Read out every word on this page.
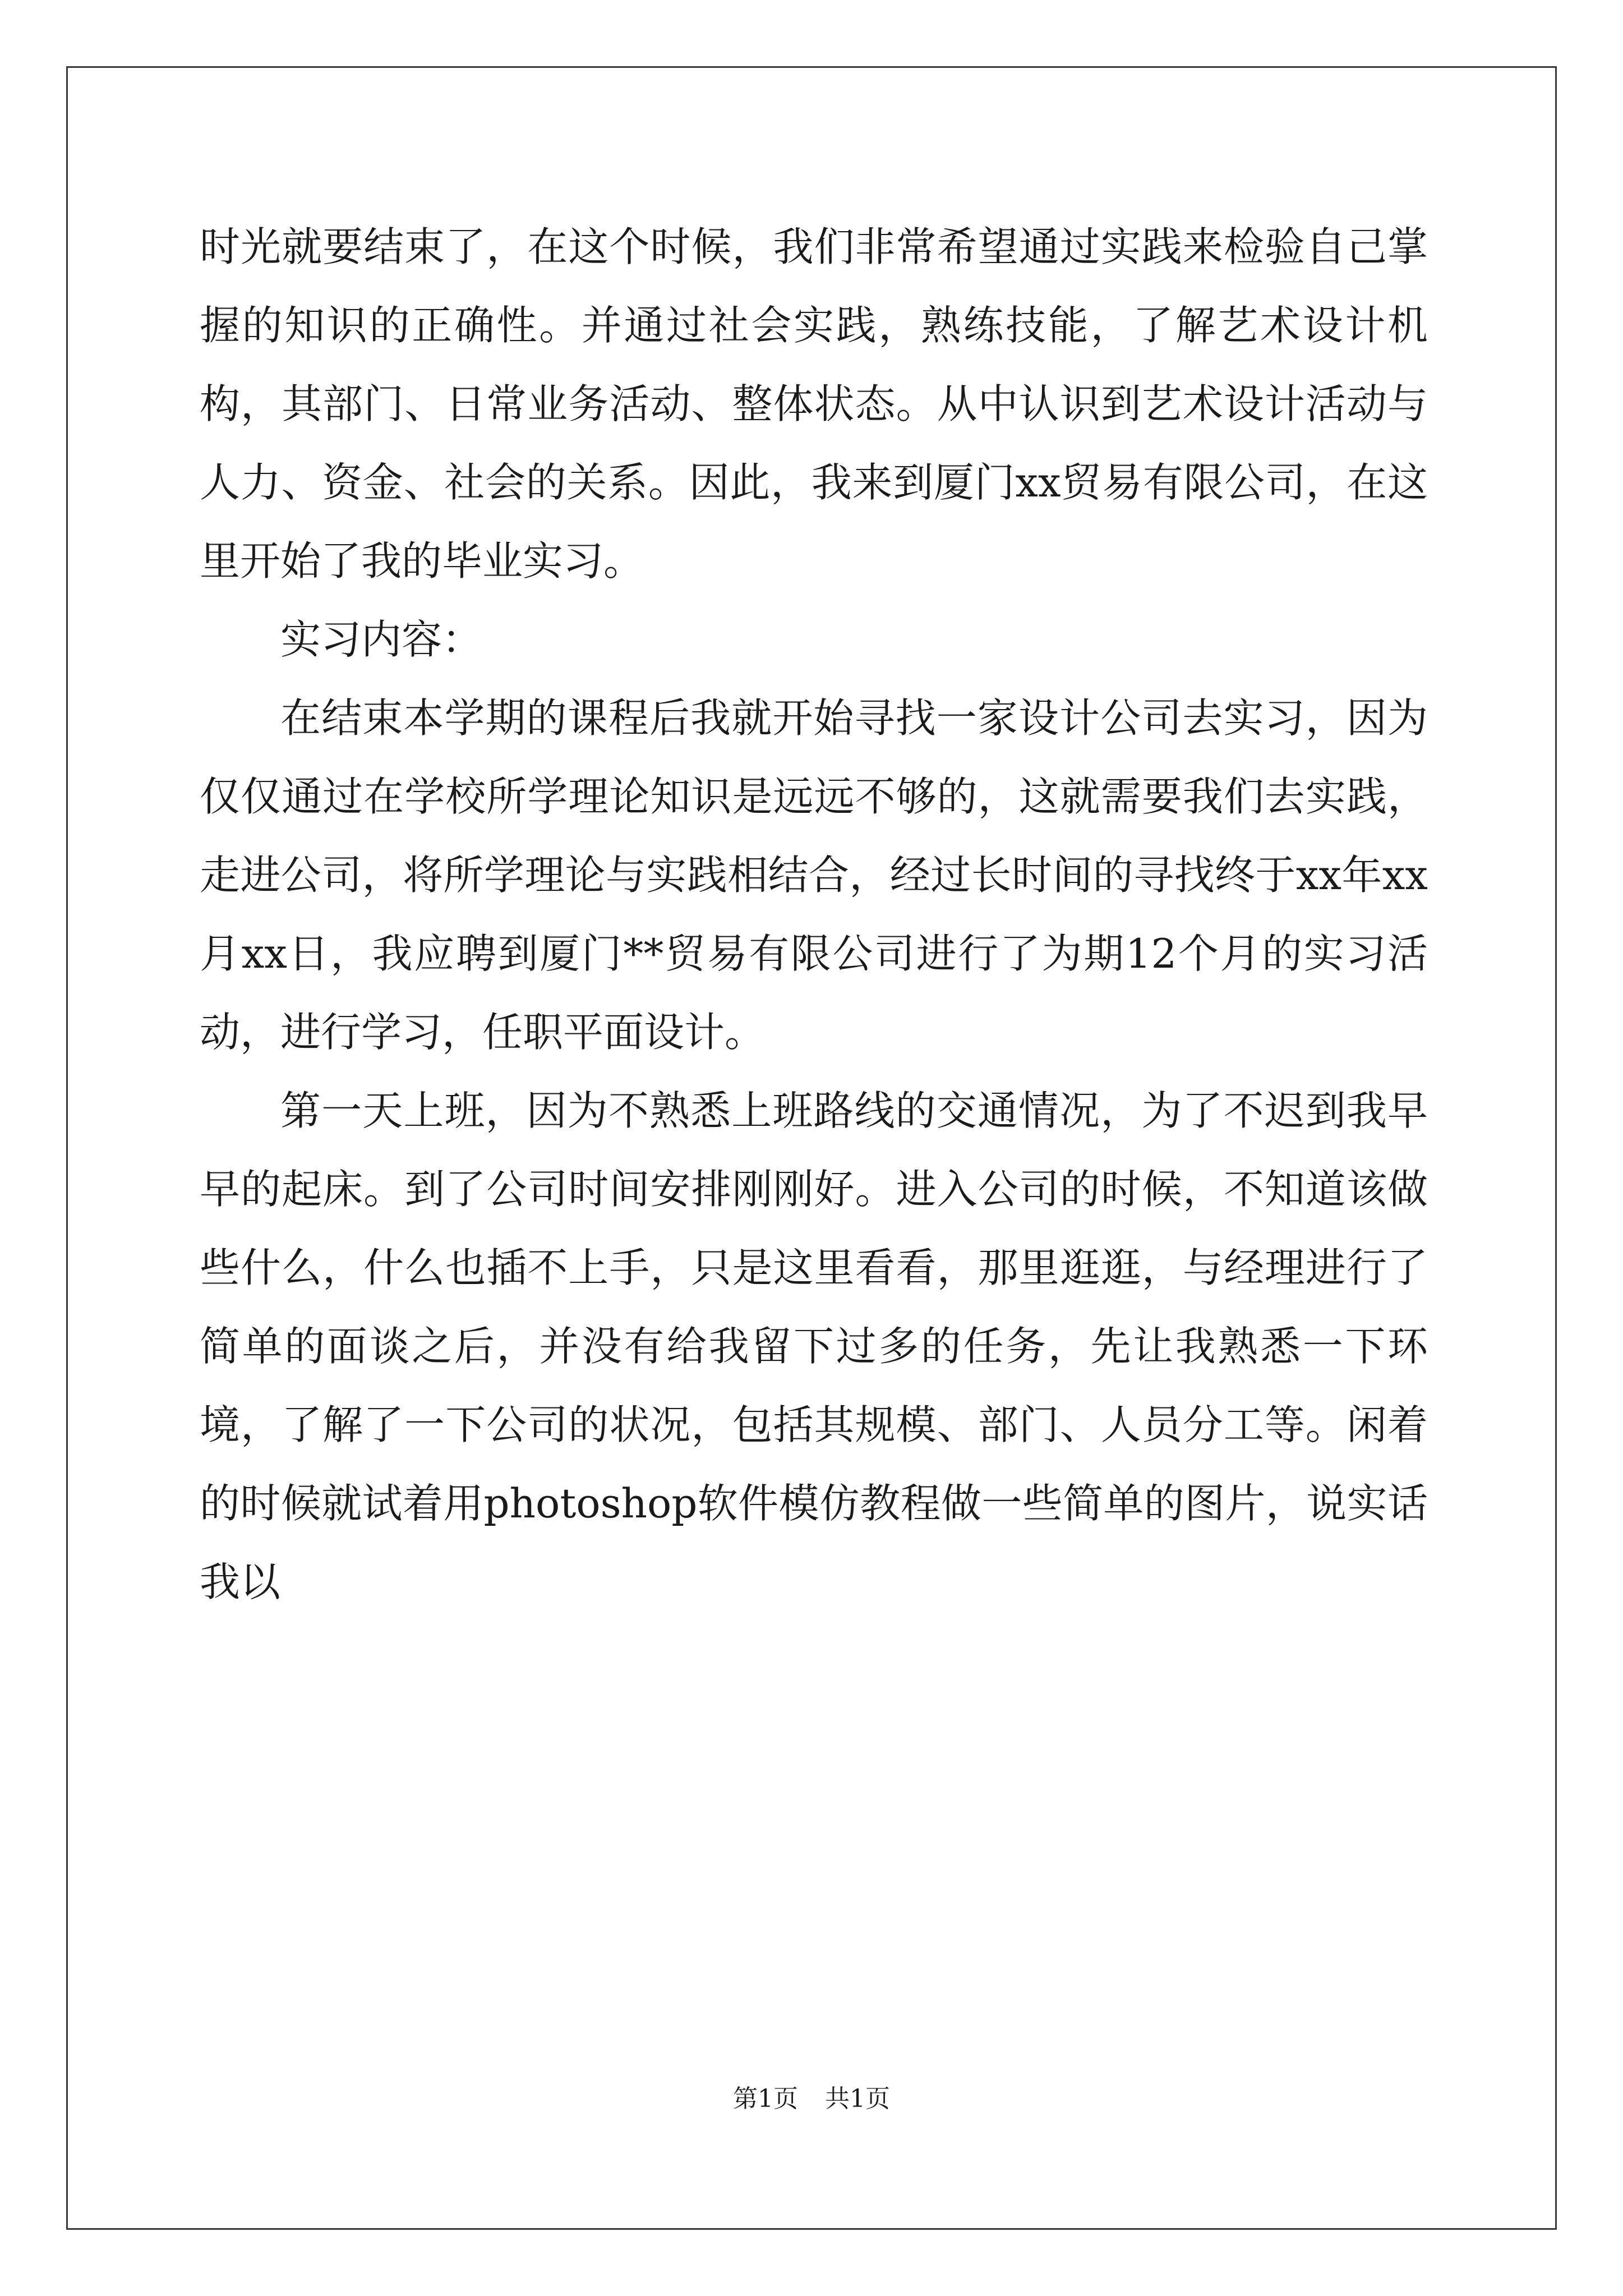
时光就要结束了，在这个时候，我们非常希望通过实践来检验自己掌握的知识的正确性。并通过社会实践，熟练技能，了解艺术设计机构，其部门、日常业务活动、整体状态。从中认识到艺术设计活动与人力、资金、社会的关系。因此，我来到厦门xx贸易有限公司，在这里开始了我的毕业实习。

实习内容：

在结束本学期的课程后我就开始寻找一家设计公司去实习，因为仅仅通过在学校所学理论知识是远远不够的，这就需要我们去实践，走进公司，将所学理论与实践相结合，经过长时间的寻找终于xx年xx月xx日，我应聘到厦门**贸易有限公司进行了为期12个月的实习活动，进行学习，任职平面设计。

第一天上班，因为不熟悉上班路线的交通情况，为了不迟到我早早的起床。到了公司时间安排刚刚好。进入公司的时候，不知道该做些什么，什么也插不上手，只是这里看看，那里逛逛，与经理进行了简单的面谈之后，并没有给我留下过多的任务，先让我熟悉一下环境，了解了一下公司的状况，包括其规模、部门、人员分工等。闲着的时候就试着用photoshop软件模仿教程做一些简单的图片，说实话我以

第1页 共1页
